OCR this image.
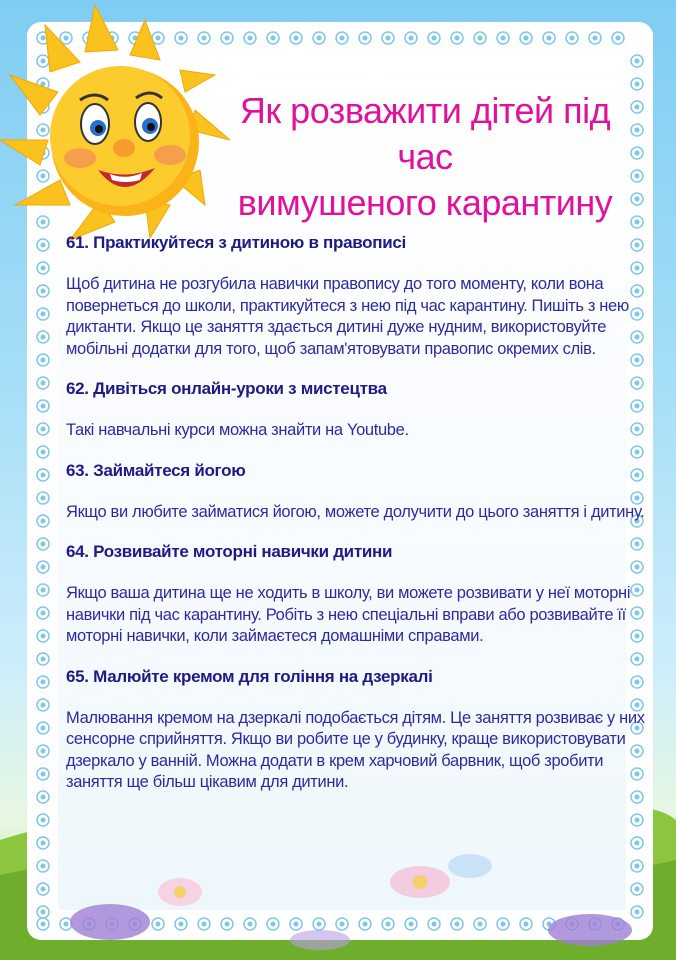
Як розважити дітей під час
вимушеного карантину
61. Практикуйтеся з дитиною в правописі
Щоб дитина не розгубила навички правопису до того моменту, коли вона повернеться до школи, практикуйтеся з нею під час карантину. Пишіть з нею диктанти. Якщо це заняття здається дитині дуже нудним, використовуйте мобільні додатки для того, щоб запам'ятовувати правопис окремих слів.
62. Дивіться онлайн-уроки з мистецтва
Такі навчальні курси можна знайти на Youtube.
63. Займайтеся йогою
Якщо ви любите займатися йогою, можете долучити до цього заняття і дитину.
64. Розвивайте моторні навички дитини
Якщо ваша дитина ще не ходить в школу, ви можете розвивати у неї моторні навички під час карантину. Робіть з нею спеціальні вправи або розвивайте її моторні навички, коли займаєтеся домашніми справами.
65. Малюйте кремом для гоління на дзеркалі
Малювання кремом на дзеркалі подобається дітям. Це заняття розвиває у них сенсорне сприйняття. Якщо ви робите це у будинку, краще використовувати дзеркало у ванній. Можна додати в крем харчовий барвник, щоб зробити заняття ще більш цікавим для дитини.
